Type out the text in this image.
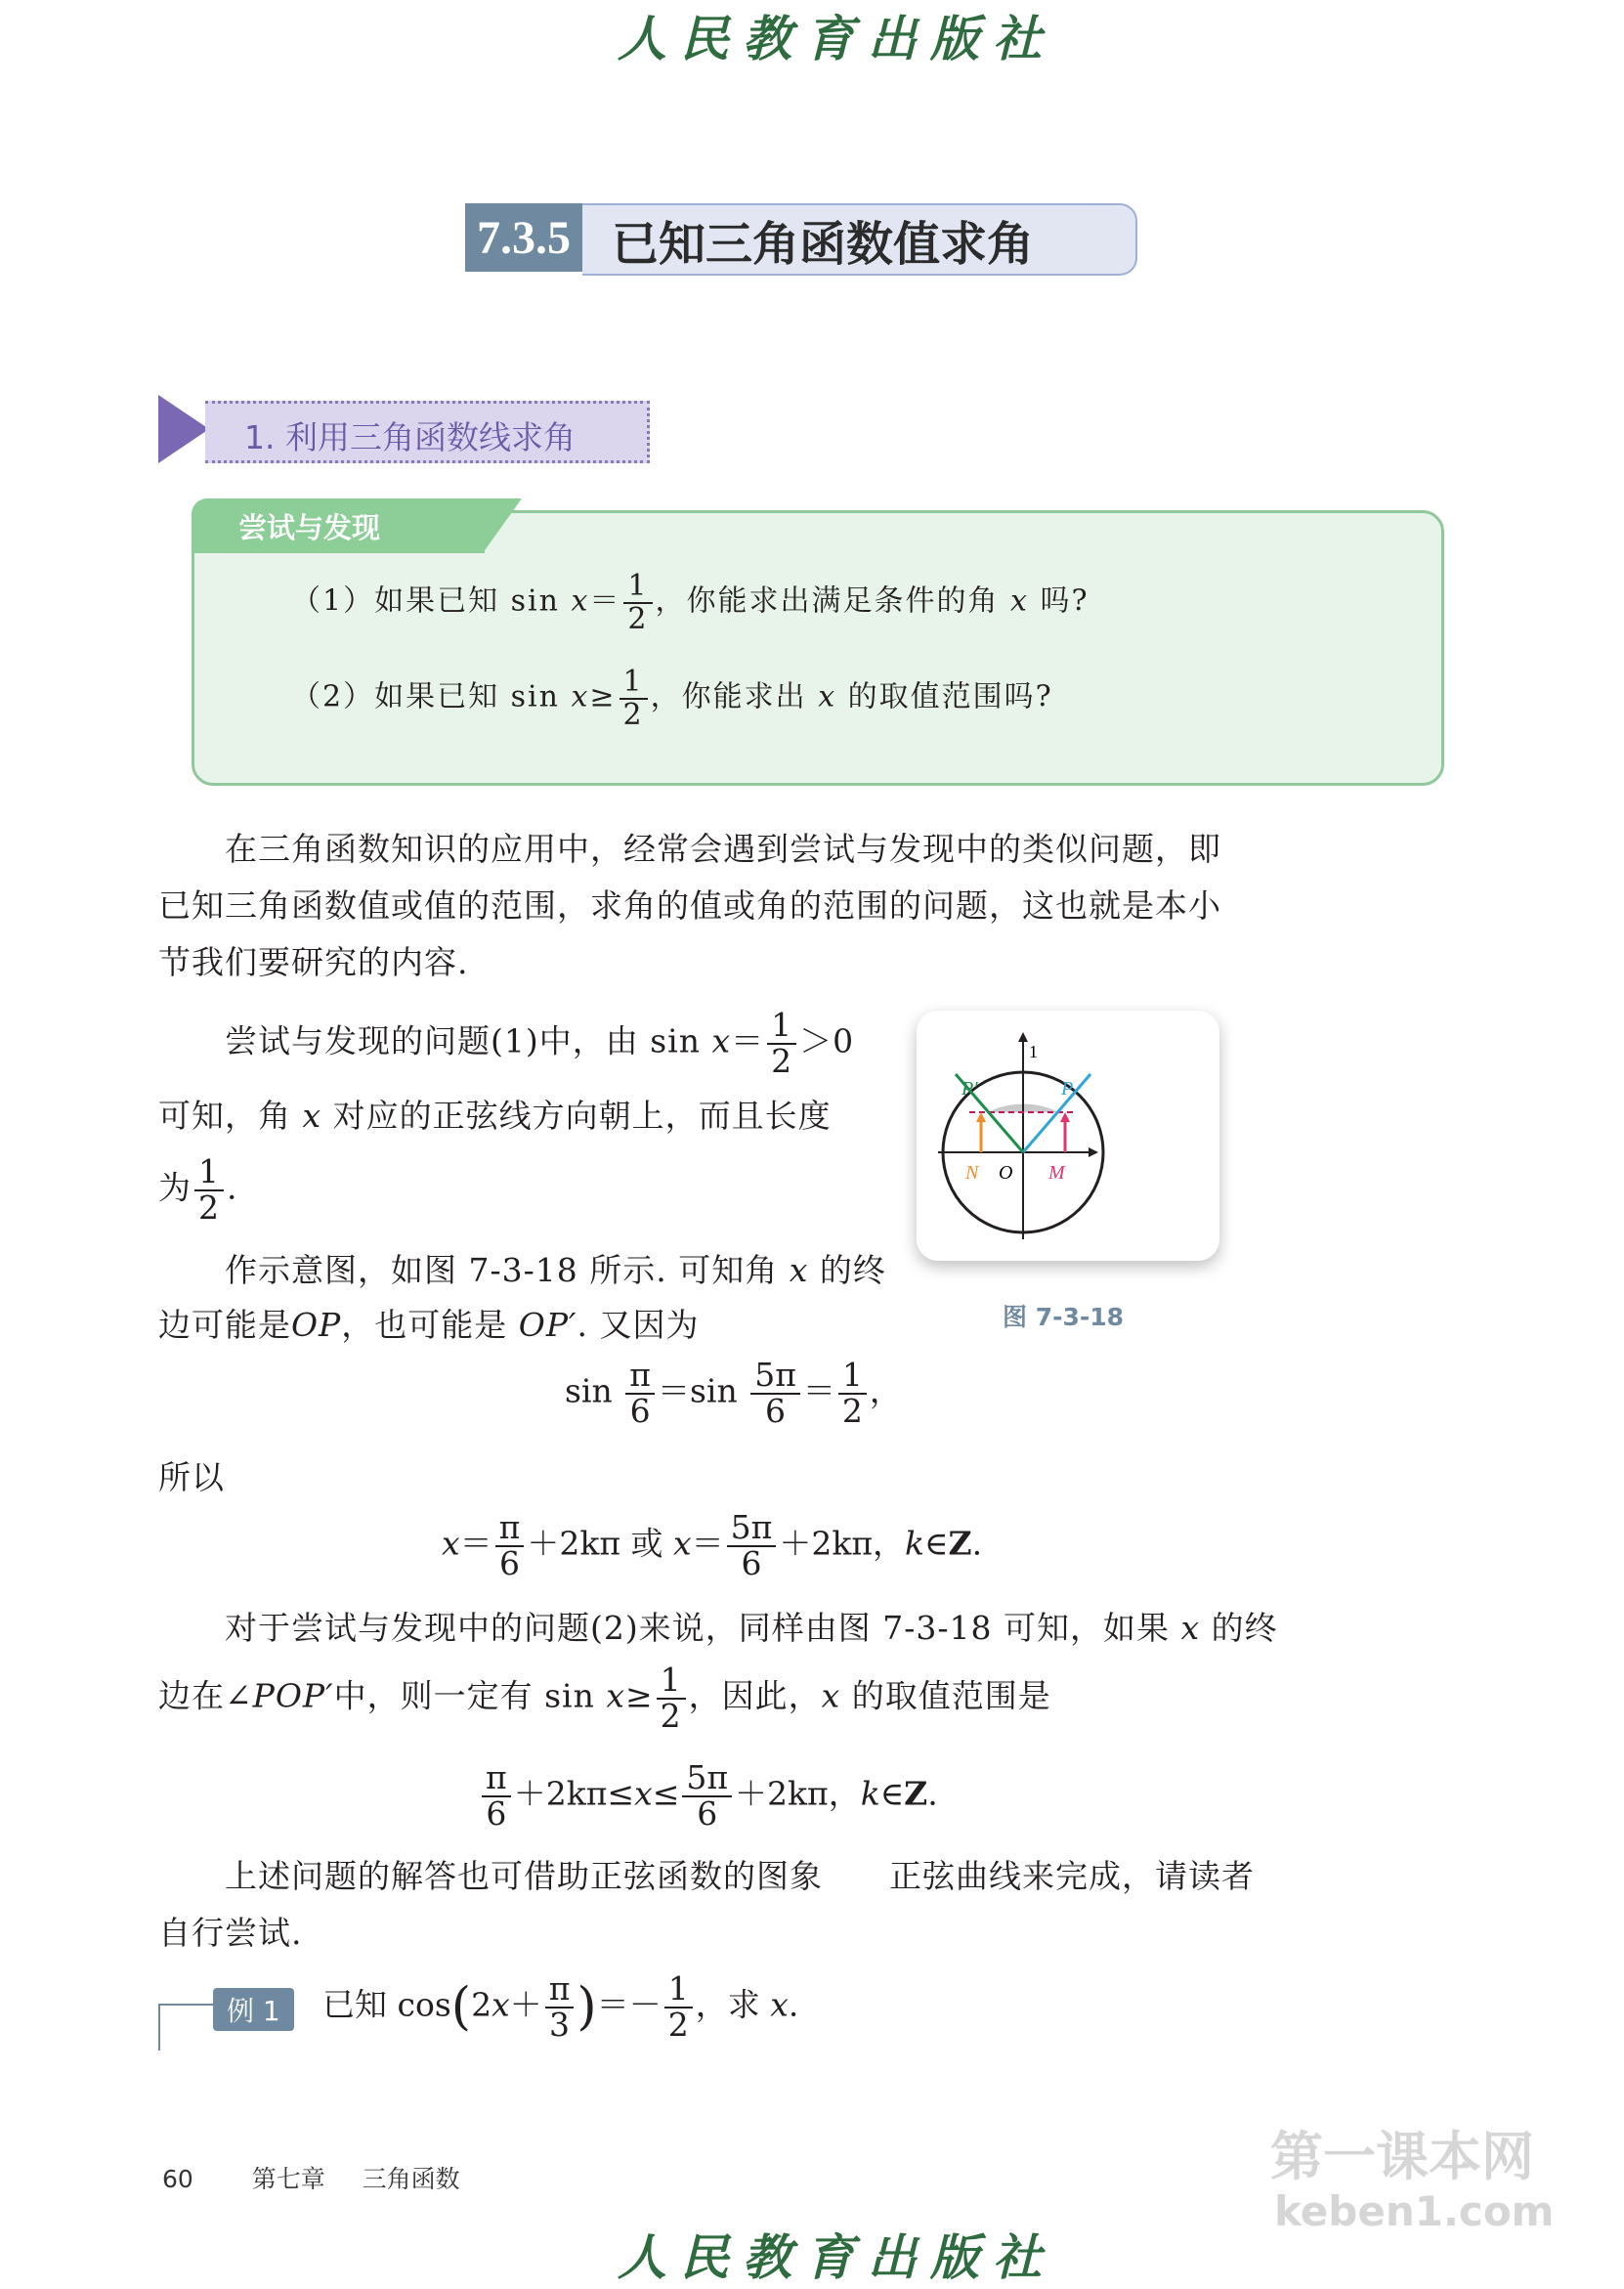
人民教育出版社
7.3.5 已知三角函数值求角
1. 利用三角函数线求角
尝试与发现
（1）如果已知 $\sin x= \frac{1}{2}$ ，你能求出满足条件的角 x 吗?
（2）如果已知 $\sin x\ge \frac{1}{2}$ ，你能求出 x 的取值范围吗?
在三角函数知识的应用中，经常会遇到尝试与发现中的类似问题，即已知三角函数值或值的范围，求角的值或角的范围的问题，这也就是本小节我们要研究的内容.
尝试与发现的问题(1)中，由 $\sin x= \frac{1}{2} >0$
可知，角 x 对应的正弦线方向朝上，而且长度
为 $\frac{1}{2}$ .
作示意图，如图 7-3-18 所示. 可知角 x 的终
边可能是OP，也可能是 OP′. 又因为
1
P
P′
N O M
图 7-3-18
$\sin \frac{\pi}{6} =\sin \frac{5\pi}{6} = \frac{1}{2}$ ，
所以
$x= \frac{\pi}{6} +2k\pi$ 或 $x= \frac{5\pi}{6} +2k\pi$，k∈Z.
对于尝试与发现中的问题(2)来说，同样由图 7-3-18 可知，如果 x 的终
边在∠POP′中，则一定有 $\sin x\ge \frac{1}{2}$ ，因此，x 的取值范围是
$\frac{\pi}{6} +2k\pi\le x\le \frac{5\pi}{6} +2k\pi$，k∈Z.
上述问题的解答也可借助正弦函数的图象　　正弦曲线来完成，请读者
自行尝试.
例 1	已知 $\cos(2x+ \frac{\pi}{3}$ )＝－ $\frac{1}{2}$ ，求 x.
60 第七章 三角函数	第一课本网
keben1.com
人民教育出版社
